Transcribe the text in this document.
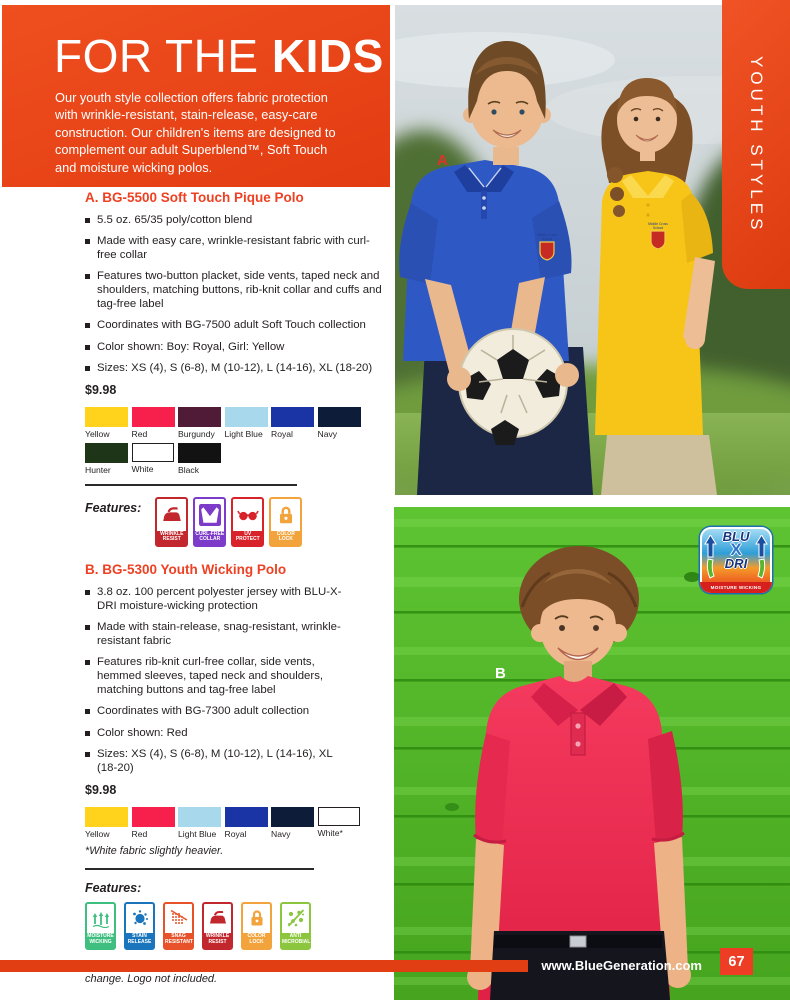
FOR THE KIDS
Our youth style collection offers fabric protection
with wrinkle-resistant, stain-release, easy-care
construction. Our children's items are designed to
complement our adult Superblend™, Soft Touch
and moisture wicking polos.
Middle Cross
School
Middle Cross
School
A	YOUTH STYLES
B
BLU
X
DRI
MOISTURE WICKING
A. BG-5500 Soft Touch Pique Polo
5.5 oz. 65/35 poly/cotton blend
Made with easy care, wrinkle-resistant fabric with curl-free collar
Features two-button placket, side vents, taped neck and shoulders, matching buttons, rib-knit collar and cuffs and tag-free label
Coordinates with BG-7500 adult Soft Touch collection
Color shown: Boy: Royal, Girl: Yellow
Sizes: XS (4), S (6-8), M (10-12), L (14-16), XL (18-20)

$9.98

Yellow	Red	Burgundy	Light Blue Royal	Navy
Hunter	White	Black
Features:
WRINKLE
RESIST
CURL-FREE
COLLAR
UV
PROTECT
COLOR
LOCK
B. BG-5300 Youth Wicking Polo
3.8 oz. 100 percent polyester jersey with BLU-X-DRI moisture-wicking protection
Made with stain-release, snag-resistant, wrinkle-resistant fabric
Features rib-knit curl-free collar, side vents, hemmed sleeves, taped neck and shoulders, matching buttons and tag-free label
Coordinates with BG-7300 adult collection
Color shown: Red
Sizes: XS (4), S (6-8), M (10-12), L (14-16), XL (18-20)

$9.98

Yellow	Red	Light Blue Royal	Navy	White*

*White fabric slightly heavier.

Features:
MOISTURE
WICKING
STAIN
RELEASE
SNAG
RESISTANT
WRINKLE
RESIST
COLOR
LOCK
ANTI
MICROBIAL
change. Logo not included.
www.BlueGeneration.com	67
